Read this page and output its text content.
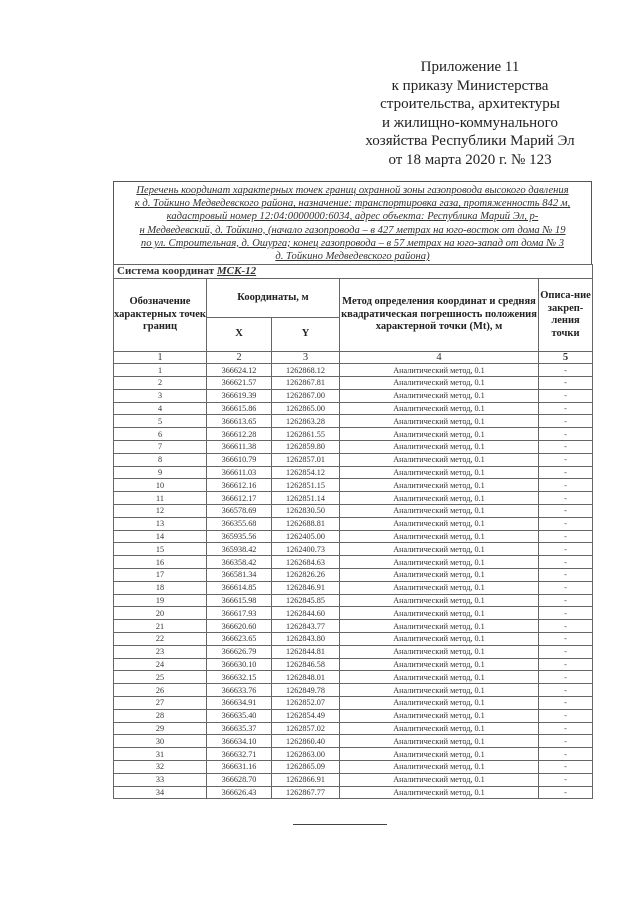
Приложение 11
к приказу Министерства
строительства, архитектуры
и жилищно-коммунального
хозяйства Республики Марий Эл
от 18 марта 2020 г. № 123
Перечень координат характерных точек границ охранной зоны газопровода высокого давления
к д. Тойкино Медведевского района, назначение: транспортировка газа, протяженность 842 м,
кадастровый номер 12:04:0000000:6034, адрес объекта: Республика Марий Эл, р-
н Медведевский, д. Тойкино, (начало газопровода – в 427 метрах на юго-восток от дома № 19
по ул. Строительная, д. Ошурга; конец газопровода – в 57 метрах на юго-запад от дома № 3
д. Тойкино Медведевского района)
Система координат МСК-12				
Обозначение характерных точек границ	Координаты, м		Метод определения координат и средняя квадратическая погрешность положения характерной точки (Mt), м	Описа-ние закреп-ления точки
	X	Y		
1	2	3	4	5
1	366624.12	1262868.12	Аналитический метод, 0.1	-
2	366621.57	1262867.81	Аналитический метод, 0.1	-
3	366619.39	1262867.00	Аналитический метод, 0.1	-
4	366615.86	1262865.00	Аналитический метод, 0.1	-
5	366613.65	1262863.28	Аналитический метод, 0.1	-
6	366612.28	1262861.55	Аналитический метод, 0.1	-
7	366611.38	1262859.80	Аналитический метод, 0.1	-
8	366610.79	1262857.01	Аналитический метод, 0.1	-
9	366611.03	1262854.12	Аналитический метод, 0.1	-
10	366612.16	1262851.15	Аналитический метод, 0.1	-
11	366612.17	1262851.14	Аналитический метод, 0.1	-
12	366578.69	1262830.50	Аналитический метод, 0.1	-
13	366355.68	1262688.81	Аналитический метод, 0.1	-
14	365935.56	1262405.00	Аналитический метод, 0.1	-
15	365938.42	1262400.73	Аналитический метод, 0.1	-
16	366358.42	1262684.63	Аналитический метод, 0.1	-
17	366581.34	1262826.26	Аналитический метод, 0.1	-
18	366614.85	1262846.91	Аналитический метод, 0.1	-
19	366615.98	1262845.85	Аналитический метод, 0.1	-
20	366617.93	1262844.60	Аналитический метод, 0.1	-
21	366620.60	1262843.77	Аналитический метод, 0.1	-
22	366623.65	1262843.80	Аналитический метод, 0.1	-
23	366626.79	1262844.81	Аналитический метод, 0.1	-
24	366630.10	1262846.58	Аналитический метод, 0.1	-
25	366632.15	1262848.01	Аналитический метод, 0.1	-
26	366633.76	1262849.78	Аналитический метод, 0.1	-
27	366634.91	1262852.07	Аналитический метод, 0.1	-
28	366635.40	1262854.49	Аналитический метод, 0.1	-
29	366635.37	1262857.02	Аналитический метод, 0.1	-
30	366634.10	1262860.40	Аналитический метод, 0.1	-
31	366632.71	1262863.00	Аналитический метод, 0.1	-
32	366631.16	1262865.09	Аналитический метод, 0.1	-
33	366628.70	1262866.91	Аналитический метод, 0.1	-
34	366626.43	1262867.77	Аналитический метод, 0.1	-
